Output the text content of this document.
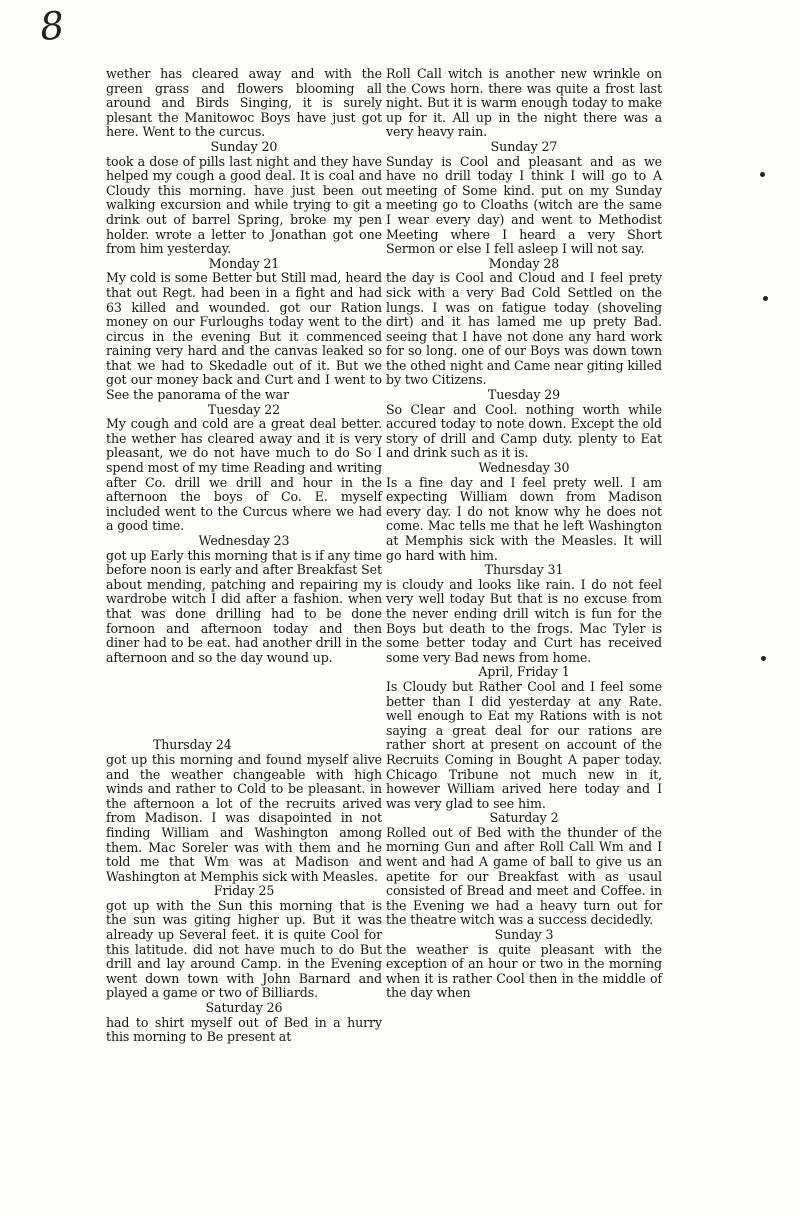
8

wether has cleared away and with the green grass and flowers blooming all around and Birds Singing, it is surely plesant the Manitowoc Boys have just got here. Went to the curcus.

Sunday 20

took a dose of pills last night and they have helped my cough a good deal. It is coal and Cloudy this morning. have just been out walking excursion and while trying to git a drink out of barrel Spring, broke my pen holder. wrote a letter to Jonathan got one from him yesterday.

Monday 21

My cold is some Better but Still mad, heard that out Regt. had been in a fight and had 63 killed and wounded. got our Ration money on our Furloughs today went to the circus in the evening But it commenced raining very hard and the canvas leaked so that we had to Skedadle out of it. But we got our money back and Curt and I went to See the panorama of the war

Tuesday 22

My cough and cold are a great deal better. the wether has cleared away and it is very pleasant, we do not have much to do So I spend most of my time Reading and writing after Co. drill we drill and hour in the afternoon the boys of Co. E. myself included went to the Curcus where we had a good time.

Wednesday 23

got up Early this morning that is if any time before noon is early and after Breakfast Set about mending, patching and repairing my wardrobe witch I did after a fashion. when that was done drilling had to be done fornoon and afternoon today and then diner had to be eat. had another drill in the afternoon and so the day wound up.

Thursday 24

got up this morning and found myself alive and the weather changeable with high winds and rather to Cold to be pleasant. in the afternoon a lot of the recruits arived from Madison. I was disapointed in not finding William and Washington among them. Mac Soreler was with them and he told me that Wm was at Madison and Washington at Memphis sick with Measles.

Friday 25

got up with the Sun this morning that is the sun was giting higher up. But it was already up Several feet. it is quite Cool for this latitude. did not have much to do But drill and lay around Camp. in the Evening went down town with John Barnard and played a game or two of Billiards.

Saturday 26

had to shirt myself out of Bed in a hurry this morning to Be present at

Roll Call witch is another new wrinkle on the Cows horn. there was quite a frost last night. But it is warm enough today to make up for it. All up in the night there was a very heavy rain.

Sunday 27

Sunday is Cool and pleasant and as we have no drill today I think I will go to A meeting of Some kind. put on my Sunday meeting go to Cloaths (witch are the same I wear every day) and went to Methodist Meeting where I heard a very Short Sermon or else I fell asleep I will not say.

Monday 28

the day is Cool and Cloud and I feel prety sick with a very Bad Cold Settled on the lungs. I was on fatigue today (shoveling dirt) and it has lamed me up prety Bad. seeing that I have not done any hard work for so long. one of our Boys was down town the othed night and Came near giting killed by two Citizens.

Tuesday 29

So Clear and Cool. nothing worth while accured today to note down. Except the old story of drill and Camp duty. plenty to Eat and drink such as it is.

Wednesday 30

Is a fine day and I feel prety well. I am expecting William down from Madison every day. I do not know why he does not come. Mac tells me that he left Washington at Memphis sick with the Measles. It will go hard with him.

Thursday 31

is cloudy and looks like rain. I do not feel very well today But that is no excuse from the never ending drill witch is fun for the Boys but death to the frogs. Mac Tyler is some better today and Curt has received some very Bad news from home.

April, Friday 1

Is Cloudy but Rather Cool and I feel some better than I did yesterday at any Rate. well enough to Eat my Rations with is not saying a great deal for our rations are rather short at present on account of the Recruits Coming in Bought A paper today. Chicago Tribune not much new in it, however William arived here today and I was very glad to see him.

Saturday 2

Rolled out of Bed with the thunder of the morning Gun and after Roll Call Wm and I went and had A game of ball to give us an apetite for our Breakfast with as usaul consisted of Bread and meet and Coffee. in the Evening we had a heavy turn out for the theatre witch was a success decidedly.

Sunday 3

the weather is quite pleasant with the exception of an hour or two in the morning when it is rather Cool then in the middle of the day when
